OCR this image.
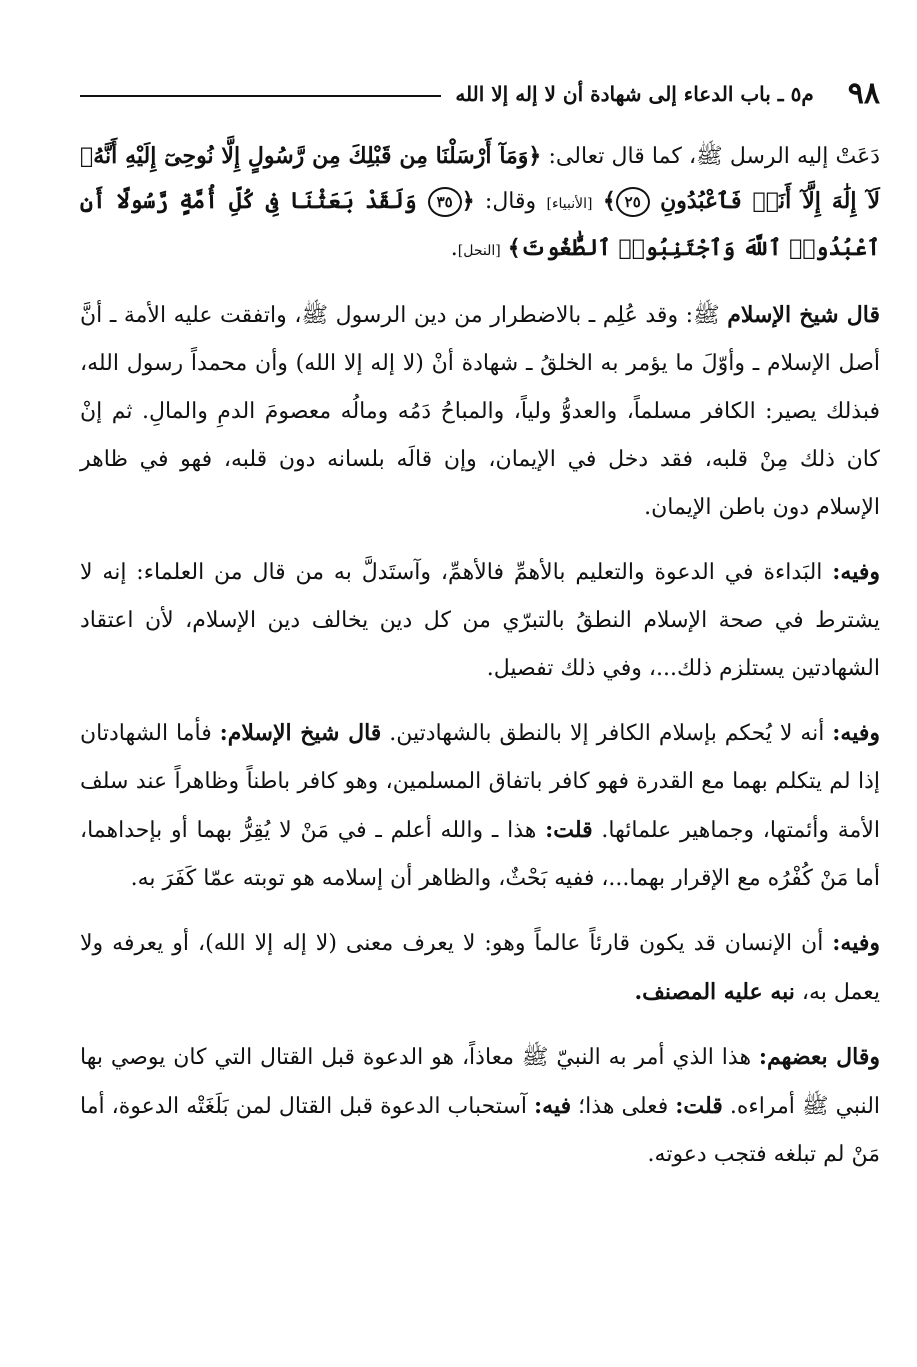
٩٨
م٥ ـ باب الدعاء إلى شهادة أن لا إله إلا الله

دَعَتْ إليه الرسل ﷺ، كما قال تعالى: ﴿وَمَآ أَرْسَلْنَا مِن قَبْلِكَ مِن رَّسُولٍ إِلَّا نُوحِىٓ إِلَيْهِ أَنَّهُۥ لَآ إِلَٰهَ إِلَّآ أَنَا۠ فَٱعْبُدُونِ ٢٥﴾ [الأنبياء] وقال: ﴿٣٥ وَلَقَدْ بَعَثْنَا فِى كُلِّ أُمَّةٍ رَّسُولًا أَنِ ٱعْبُدُوا۟ ٱللَّهَ وَٱجْتَنِبُوا۟ ٱلطَّٰغُوتَ﴾ [النحل].

قال شيخ الإسلام ﷺ: وقد عُلِم ـ بالاضطرار من دين الرسول ﷺ، واتفقت عليه الأمة ـ أنَّ أصل الإسلام ـ وأوّلَ ما يؤمر به الخلقُ ـ شهادة أنْ (لا إله إلا الله) وأن محمداً رسول الله، فبذلك يصير: الكافر مسلماً، والعدوُّ ولياً، والمباحُ دَمُه ومالُه معصومَ الدمِ والمالِ. ثم إنْ كان ذلك مِنْ قلبه، فقد دخل في الإيمان، وإن قالَه بلسانه دون قلبه، فهو في ظاهر الإسلام دون باطن الإيمان.

وفيه: البَداءة في الدعوة والتعليم بالأهمِّ فالأهمِّ، وآستَدلَّ به من قال من العلماء: إنه لا يشترط في صحة الإسلام النطقُ بالتبرّي من كل دين يخالف دين الإسلام، لأن اعتقاد الشهادتين يستلزم ذلك...، وفي ذلك تفصيل.

وفيه: أنه لا يُحكم بإسلام الكافر إلا بالنطق بالشهادتين. قال شيخ الإسلام: فأما الشهادتان إذا لم يتكلم بهما مع القدرة فهو كافر باتفاق المسلمين، وهو كافر باطناً وظاهراً عند سلف الأمة وأئمتها، وجماهير علمائها. قلت: هذا ـ والله أعلم ـ في مَنْ لا يُقِرُّ بهما أو بإحداهما، أما مَنْ كُفْرُه مع الإقرار بهما...، ففيه بَحْثٌ، والظاهر أن إسلامه هو توبته عمّا كَفَرَ به.

وفيه: أن الإنسان قد يكون قارئاً عالماً وهو: لا يعرف معنى (لا إله إلا الله)، أو يعرفه ولا يعمل به، نبه عليه المصنف.

وقال بعضهم: هذا الذي أمر به النبيّ ﷺ معاذاً، هو الدعوة قبل القتال التي كان يوصي بها النبي ﷺ أمراءه. قلت: فعلى هذا؛ فيه: آستحباب الدعوة قبل القتال لمن بَلَغَتْه الدعوة، أما مَنْ لم تبلغه فتجب دعوته.
